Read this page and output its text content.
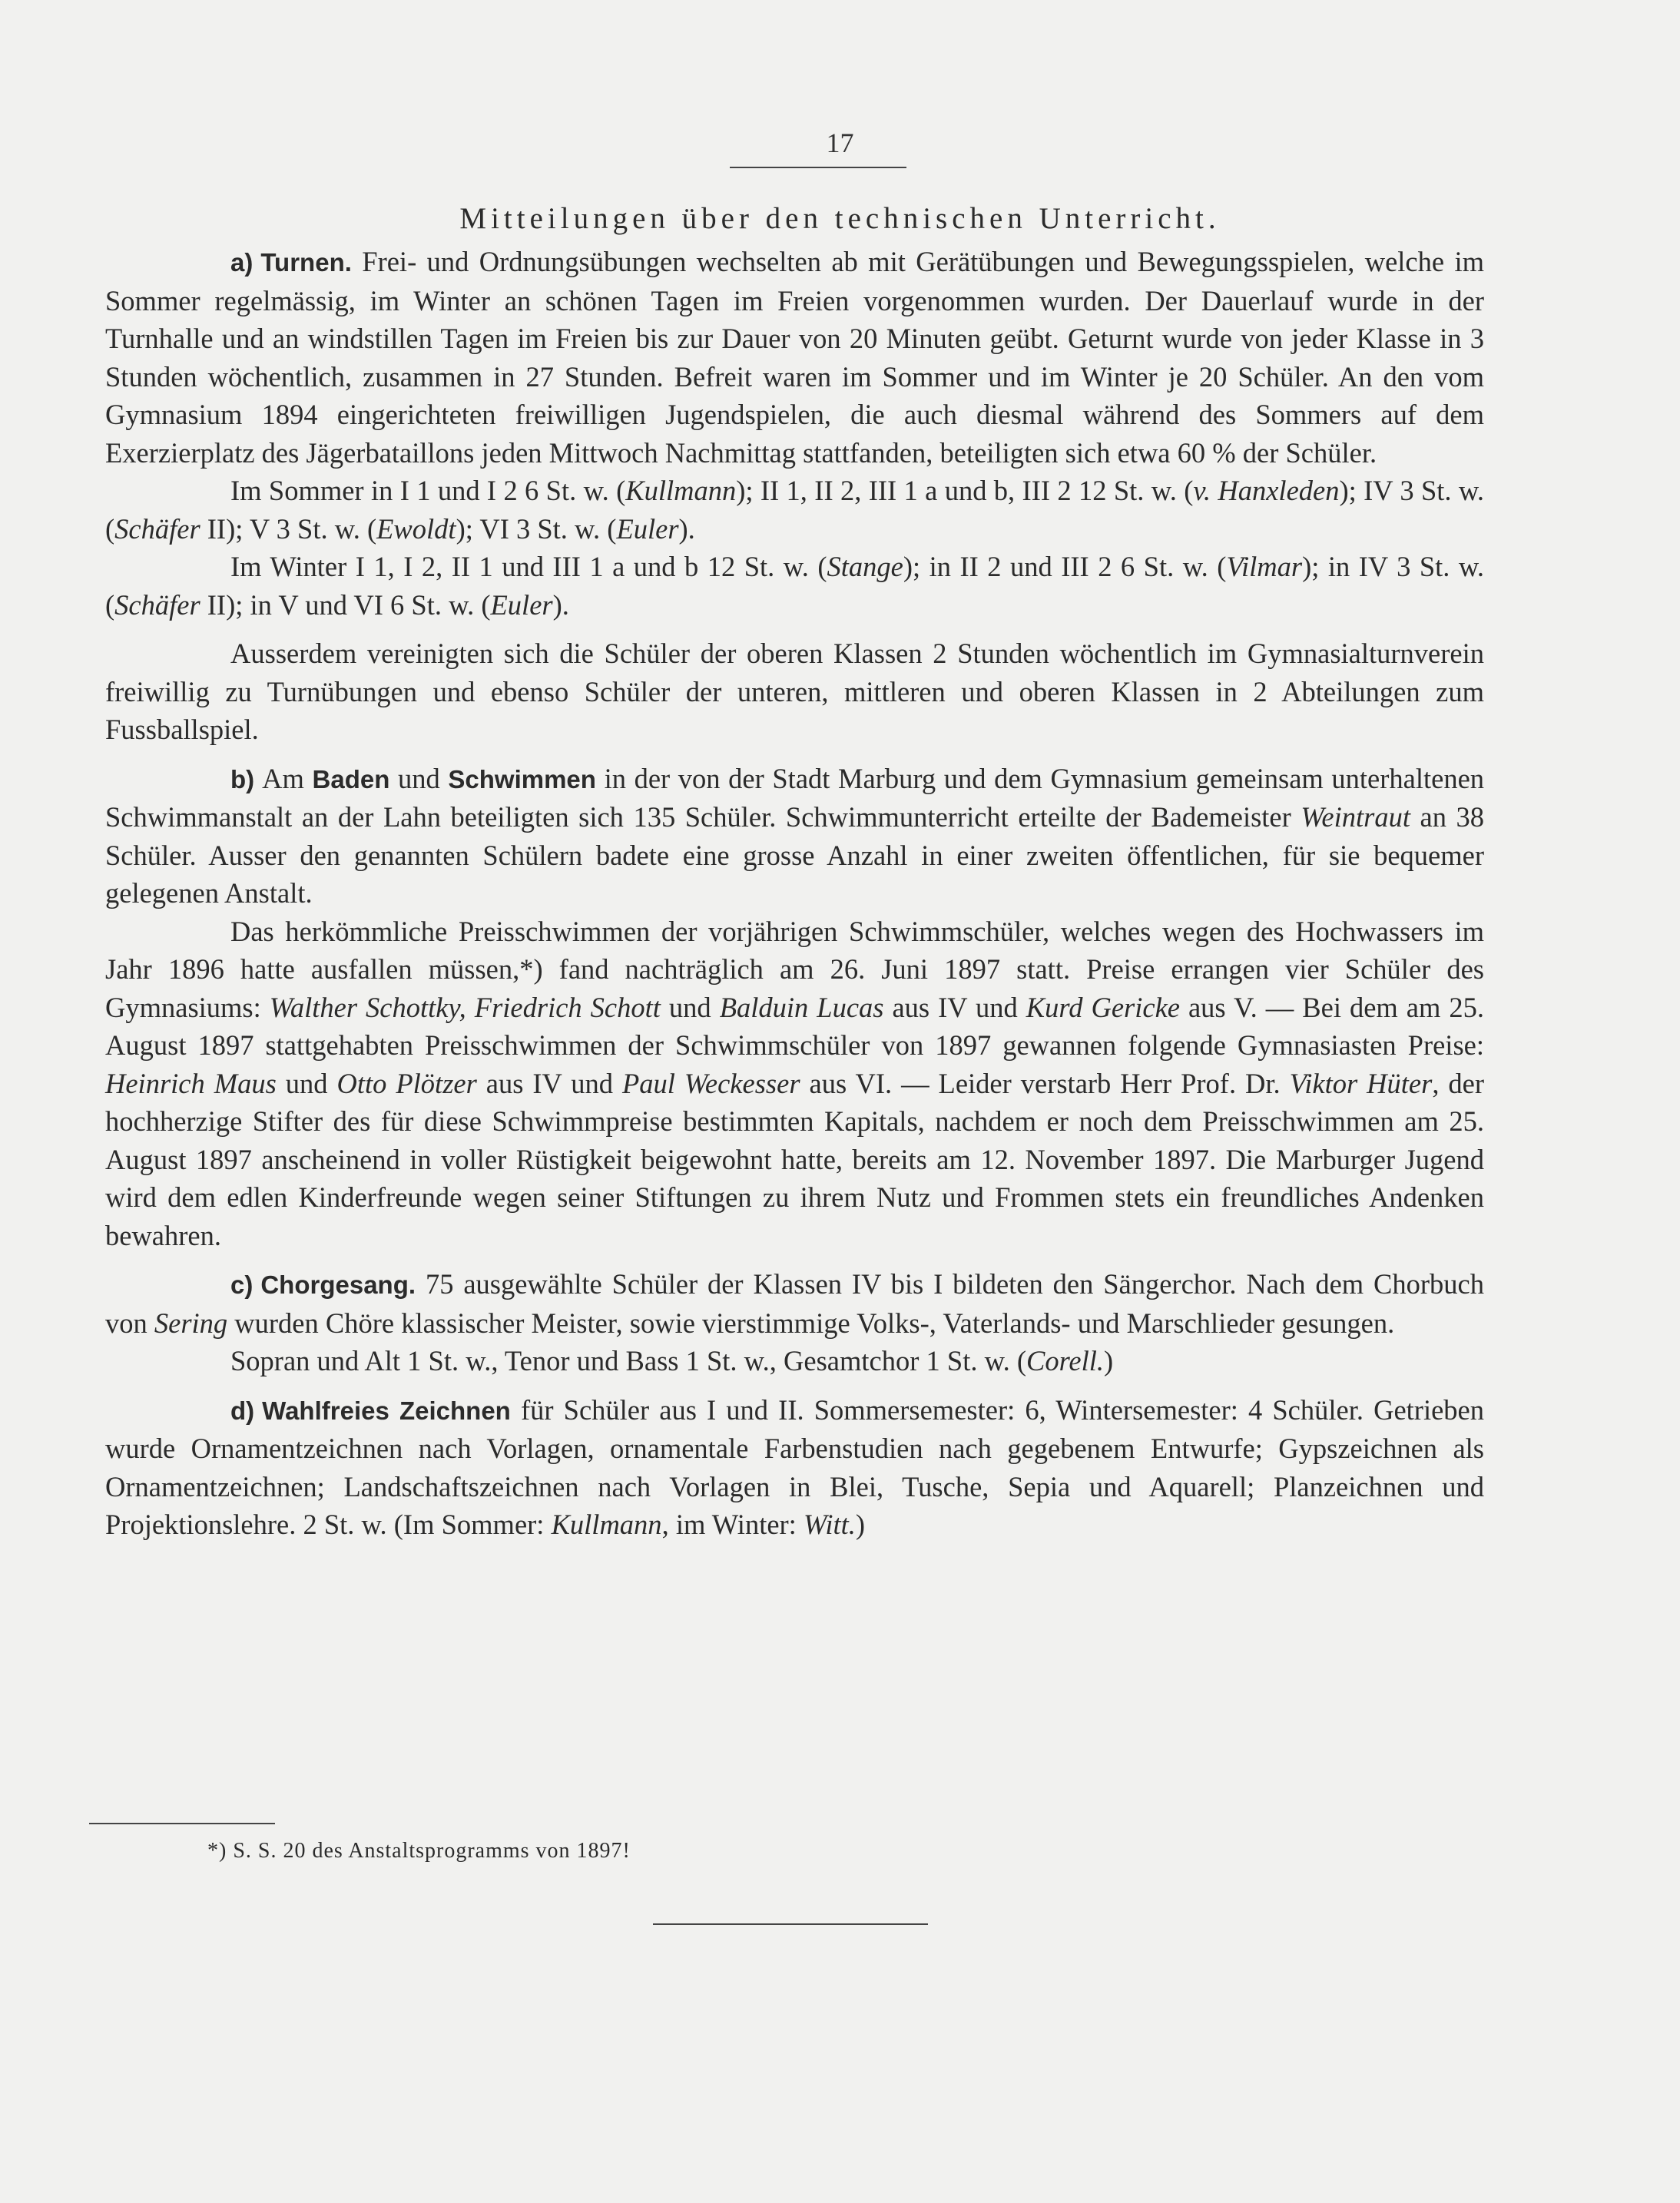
17
Mitteilungen über den technischen Unterricht.

a) Turnen. Frei- und Ordnungsübungen wechselten ab mit Gerätübungen und Bewegungsspielen, welche im Sommer regelmässig, im Winter an schönen Tagen im Freien vorgenommen wurden. Der Dauerlauf wurde in der Turnhalle und an windstillen Tagen im Freien bis zur Dauer von 20 Minuten geübt. Geturnt wurde von jeder Klasse in 3 Stunden wöchentlich, zusammen in 27 Stunden. Befreit waren im Sommer und im Winter je 20 Schüler. An den vom Gymnasium 1894 eingerichteten freiwilligen Jugendspielen, die auch diesmal während des Sommers auf dem Exerzierplatz des Jägerbataillons jeden Mittwoch Nachmittag stattfanden, beteiligten sich etwa 60 % der Schüler.

Im Sommer in I 1 und I 2 6 St. w. (Kullmann); II 1, II 2, III 1 a und b, III 2 12 St. w. (v. Hanxleden); IV 3 St. w. (Schäfer II); V 3 St. w. (Ewoldt); VI 3 St. w. (Euler).

Im Winter I 1, I 2, II 1 und III 1 a und b 12 St. w. (Stange); in II 2 und III 2 6 St. w. (Vilmar); in IV 3 St. w. (Schäfer II); in V und VI 6 St. w. (Euler).

Ausserdem vereinigten sich die Schüler der oberen Klassen 2 Stunden wöchentlich im Gymnasialturnverein freiwillig zu Turnübungen und ebenso Schüler der unteren, mittleren und oberen Klassen in 2 Abteilungen zum Fussballspiel.

b) Am Baden und Schwimmen in der von der Stadt Marburg und dem Gymnasium gemeinsam unterhaltenen Schwimmanstalt an der Lahn beteiligten sich 135 Schüler. Schwimmunterricht erteilte der Bademeister Weintraut an 38 Schüler. Ausser den genannten Schülern badete eine grosse Anzahl in einer zweiten öffentlichen, für sie bequemer gelegenen Anstalt.

Das herkömmliche Preisschwimmen der vorjährigen Schwimmschüler, welches wegen des Hochwassers im Jahr 1896 hatte ausfallen müssen,*) fand nachträglich am 26. Juni 1897 statt. Preise errangen vier Schüler des Gymnasiums: Walther Schottky, Friedrich Schott und Balduin Lucas aus IV und Kurd Gericke aus V. — Bei dem am 25. August 1897 stattgehabten Preisschwimmen der Schwimmschüler von 1897 gewannen folgende Gymnasiasten Preise: Heinrich Maus und Otto Plötzer aus IV und Paul Weckesser aus VI. — Leider verstarb Herr Prof. Dr. Viktor Hüter, der hochherzige Stifter des für diese Schwimmpreise bestimmten Kapitals, nachdem er noch dem Preisschwimmen am 25. August 1897 anscheinend in voller Rüstigkeit beigewohnt hatte, bereits am 12. November 1897. Die Marburger Jugend wird dem edlen Kinderfreunde wegen seiner Stiftungen zu ihrem Nutz und Frommen stets ein freundliches Andenken bewahren.

c) Chorgesang. 75 ausgewählte Schüler der Klassen IV bis I bildeten den Sängerchor. Nach dem Chorbuch von Sering wurden Chöre klassischer Meister, sowie vierstimmige Volks-, Vaterlands- und Marschlieder gesungen.

Sopran und Alt 1 St. w., Tenor und Bass 1 St. w., Gesamtchor 1 St. w. (Corell.)

d) Wahlfreies Zeichnen für Schüler aus I und II. Sommersemester: 6, Wintersemester: 4 Schüler. Getrieben wurde Ornamentzeichnen nach Vorlagen, ornamentale Farbenstudien nach gegebenem Entwurfe; Gypszeichnen als Ornamentzeichnen; Landschaftszeichnen nach Vorlagen in Blei, Tusche, Sepia und Aquarell; Planzeichnen und Projektionslehre. 2 St. w. (Im Sommer: Kullmann, im Winter: Witt.)

*) S. S. 20 des Anstaltsprogramms von 1897!
